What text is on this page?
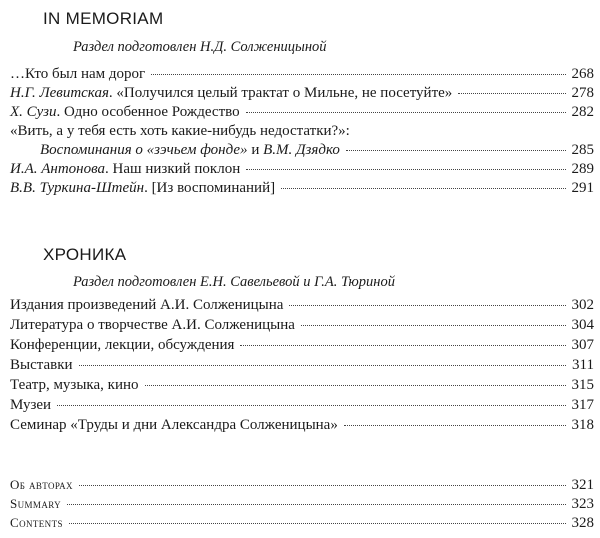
IN MEMORIAM
Раздел подготовлен Н.Д. Солженицыной
…Кто был нам дорог	268
Н.Г. Левитская. «Получился целый трактат о Мильне, не посетуйте»	278
Х. Сузи. Одно особенное Рождество	282
«Вить, а у тебя есть хоть какие-нибудь недостатки?»:
Воспоминания о «зэчьем фонде» и В.М. Дзядко	285
И.А. Антонова. Наш низкий поклон	289
В.В. Туркина-Штейн. [Из воспоминаний]	291
ХРОНИКА
Раздел подготовлен Е.Н. Савельевой и Г.А. Тюриной
Издания произведений А.И. Солженицына	302
Литература о творчестве А.И. Солженицына	304
Конференции, лекции, обсуждения	307
Выставки	311
Театр, музыка, кино	315
Музеи	317
Семинар «Труды и дни Александра Солженицына»	318
Об авторах	321
Summary	323
Contents	328
